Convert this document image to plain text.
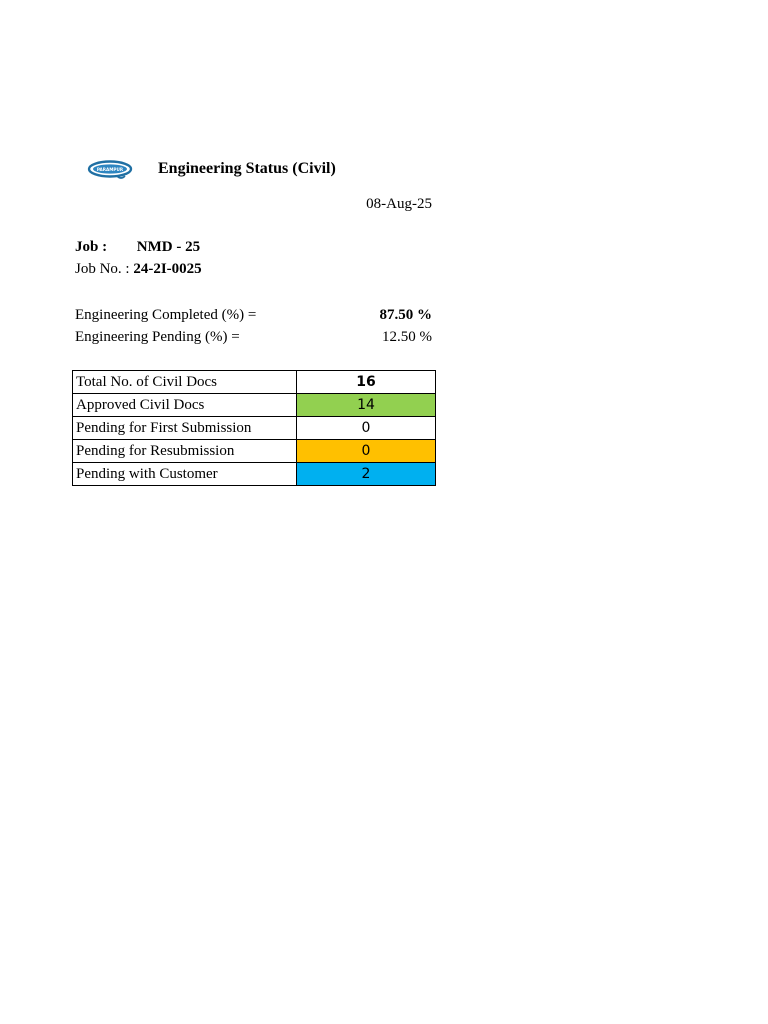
PARAMPUR Engineering Status (Civil)
08-Aug-25
Job : NMD - 25
Job No. : 24-2I-0025
Engineering Completed (%) =	87.50 %
Engineering Pending (%) =	12.50 %
Total No. of Civil Docs	16
Approved Civil Docs	14
Pending for First Submission	0
Pending for Resubmission	0
Pending with Customer	2
